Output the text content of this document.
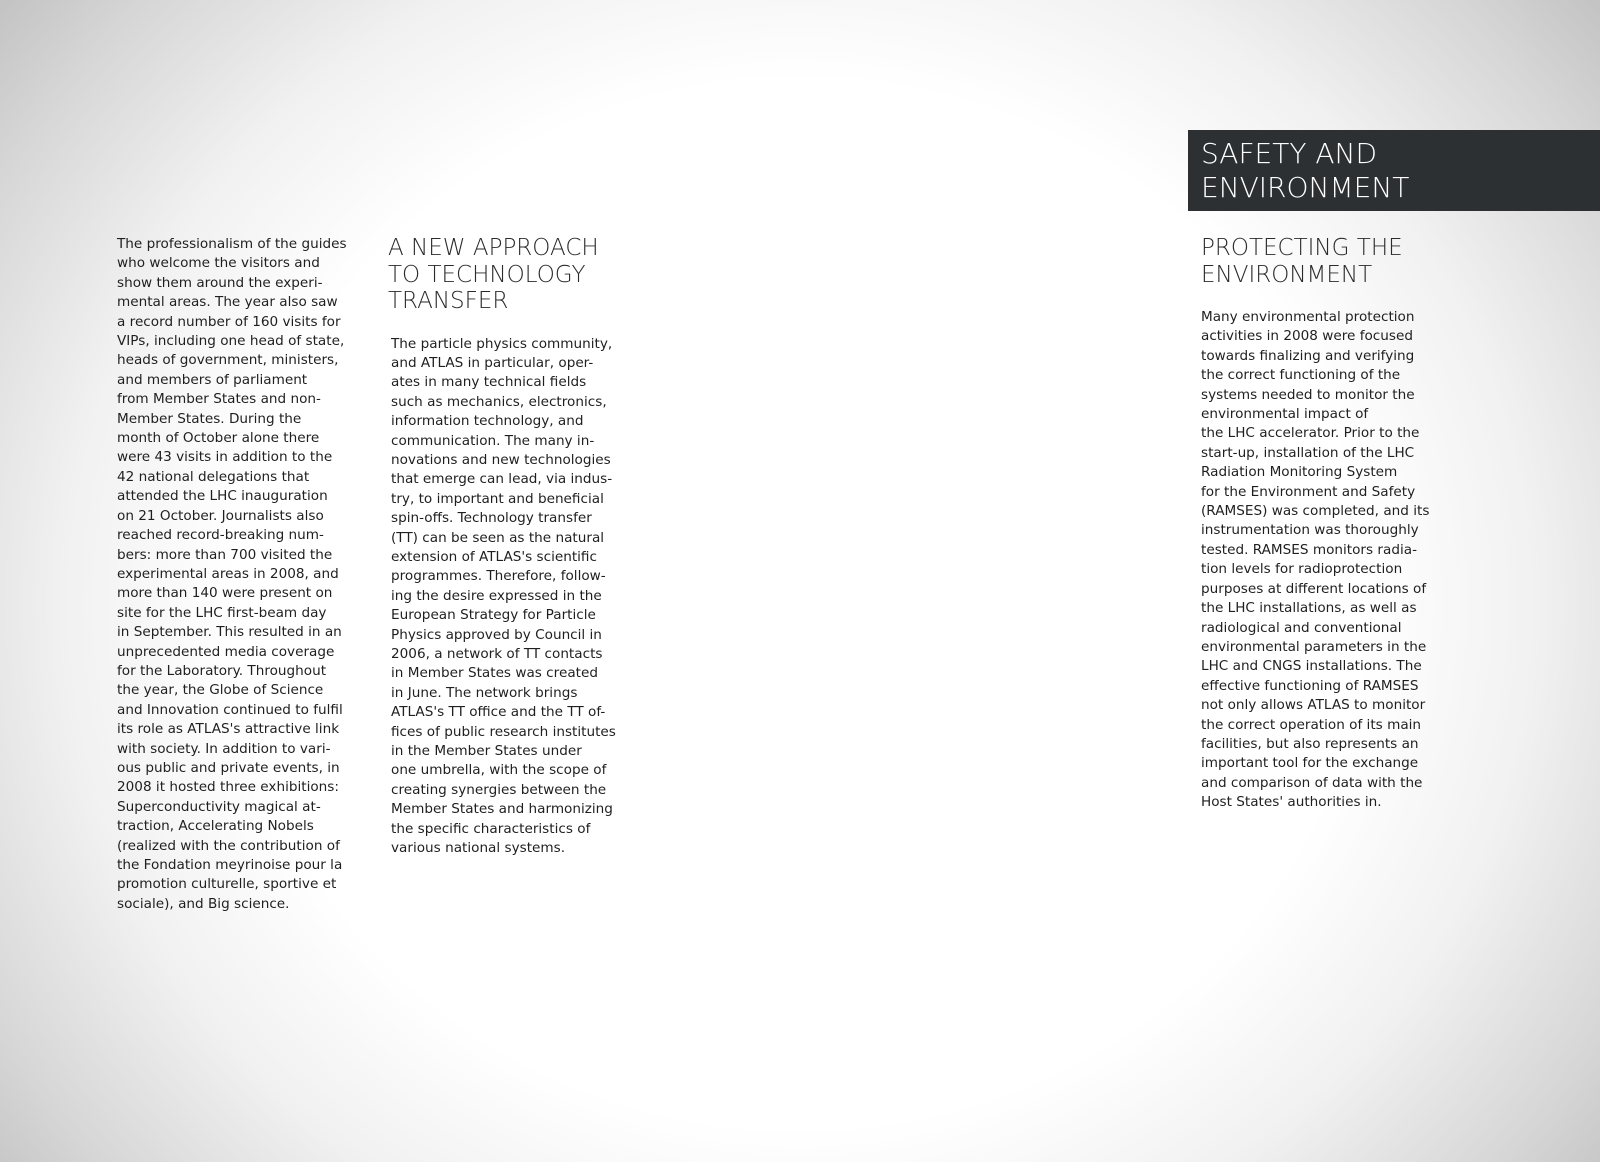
The professionalism of the guides
who welcome the visitors and
show them around the experi-
mental areas. The year also saw
a record number of 160 visits for
VIPs, including one head of state,
heads of government, ministers,
and members of parliament
from Member States and non-
Member States. During the
month of October alone there
were 43 visits in addition to the
42 national delegations that
attended the LHC inauguration
on 21 October. Journalists also
reached record-breaking num-
bers: more than 700 visited the
experimental areas in 2008, and
more than 140 were present on
site for the LHC first-beam day
in September. This resulted in an
unprecedented media coverage
for the Laboratory. Throughout
the year, the Globe of Science
and Innovation continued to fulfil
its role as ATLAS's attractive link
with society. In addition to vari-
ous public and private events, in
2008 it hosted three exhibitions:
Superconductivity magical at-
traction, Accelerating Nobels
(realized with the contribution of
the Fondation meyrinoise pour la
promotion culturelle, sportive et
sociale), and Big science.

A NEW APPROACH
TO TECHNOLOGY
TRANSFER

The particle physics community,
and ATLAS in particular, oper-
ates in many technical fields
such as mechanics, electronics,
information technology, and
communication. The many in-
novations and new technologies
that emerge can lead, via indus-
try, to important and beneficial
spin-offs. Technology transfer
(TT) can be seen as the natural
extension of ATLAS's scientific
programmes. Therefore, follow-
ing the desire expressed in the
European Strategy for Particle
Physics approved by Council in
2006, a network of TT contacts
in Member States was created
in June. The network brings
ATLAS's TT office and the TT of-
fices of public research institutes
in the Member States under
one umbrella, with the scope of
creating synergies between the
Member States and harmonizing
the specific characteristics of
various national systems.

SAFETY AND
ENVIRONMENT
PROTECTING THE
ENVIRONMENT

Many environmental protection
activities in 2008 were focused
towards finalizing and verifying
the correct functioning of the
systems needed to monitor the
environmental impact of
the LHC accelerator. Prior to the
start-up, installation of the LHC
Radiation Monitoring System
for the Environment and Safety
(RAMSES) was completed, and its
instrumentation was thoroughly
tested. RAMSES monitors radia-
tion levels for radioprotection
purposes at different locations of
the LHC installations, as well as
radiological and conventional
environmental parameters in the
LHC and CNGS installations. The
effective functioning of RAMSES
not only allows ATLAS to monitor
the correct operation of its main
facilities, but also represents an
important tool for the exchange
and comparison of data with the
Host States' authorities in.
